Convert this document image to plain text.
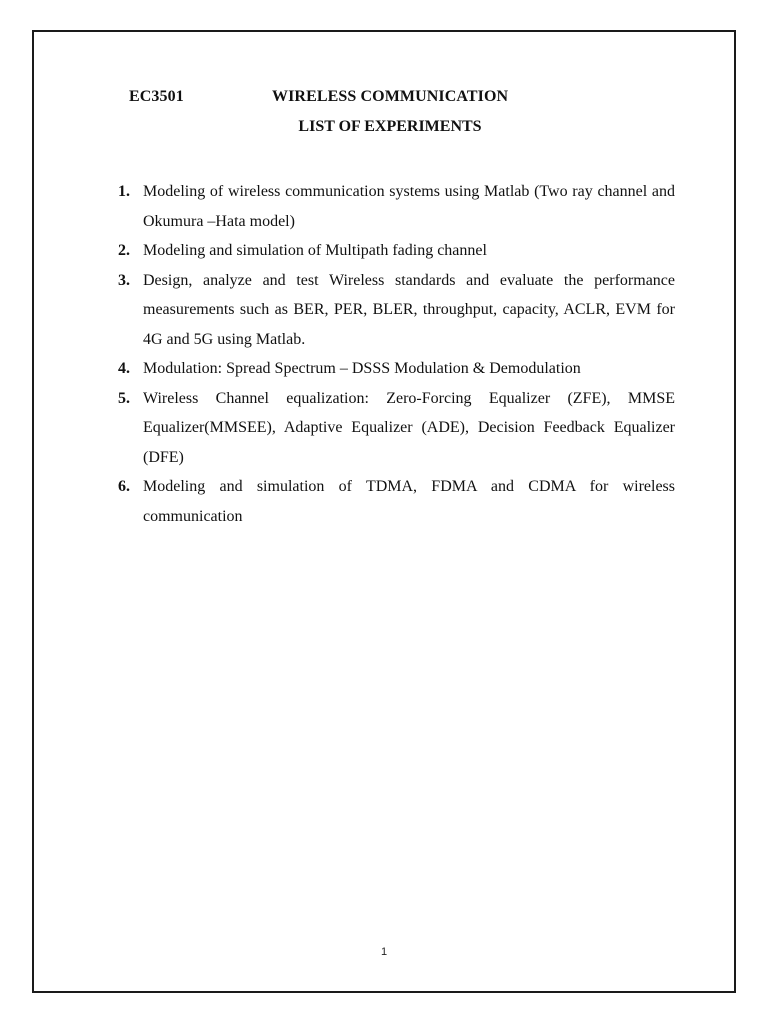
EC3501	WIRELESS COMMUNICATION
LIST OF EXPERIMENTS
1. Modeling of wireless communication systems using Matlab (Two ray channel and Okumura –Hata model)
2. Modeling and simulation of Multipath fading channel
3. Design, analyze and test Wireless standards and evaluate the performance measurements such as BER, PER, BLER, throughput, capacity, ACLR, EVM for 4G and 5G using Matlab.
4. Modulation: Spread Spectrum – DSSS Modulation & Demodulation
5. Wireless Channel equalization: Zero-Forcing Equalizer (ZFE), MMSE Equalizer(MMSEE), Adaptive Equalizer (ADE), Decision Feedback Equalizer (DFE)
6. Modeling and simulation of TDMA, FDMA and CDMA for wireless communication
1
